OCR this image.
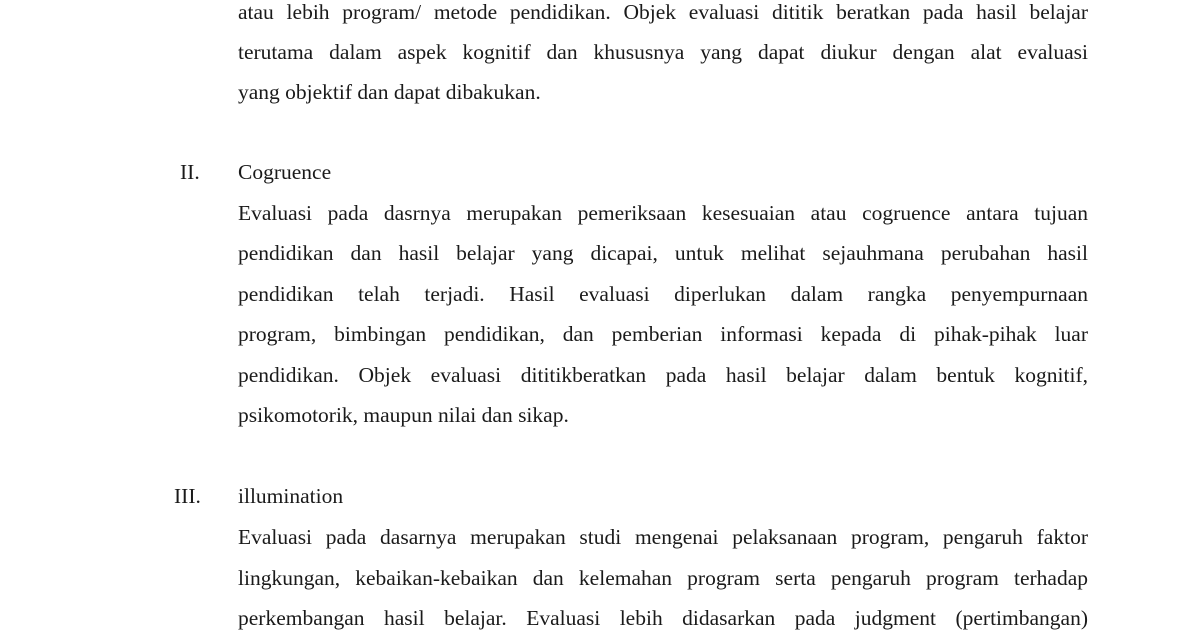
atau lebih program/ metode pendidikan. Objek evaluasi dititik beratkan pada hasil belajar
terutama dalam aspek kognitif dan khususnya yang dapat diukur dengan alat evaluasi
yang objektif dan dapat dibakukan.
II. Cogruence
Evaluasi pada dasrnya merupakan pemeriksaan kesesuaian atau cogruence antara tujuan
pendidikan dan hasil belajar yang dicapai, untuk melihat sejauhmana perubahan hasil
pendidikan telah terjadi. Hasil evaluasi diperlukan dalam rangka penyempurnaan
program, bimbingan pendidikan, dan pemberian informasi kepada di pihak-pihak luar
pendidikan. Objek evaluasi dititikberatkan pada hasil belajar dalam bentuk kognitif,
psikomotorik, maupun nilai dan sikap.
III. illumination
Evaluasi pada dasarnya merupakan studi mengenai pelaksanaan program, pengaruh faktor
lingkungan, kebaikan-kebaikan dan kelemahan program serta pengaruh program terhadap
perkembangan hasil belajar. Evaluasi lebih didasarkan pada judgment (pertimbangan)
